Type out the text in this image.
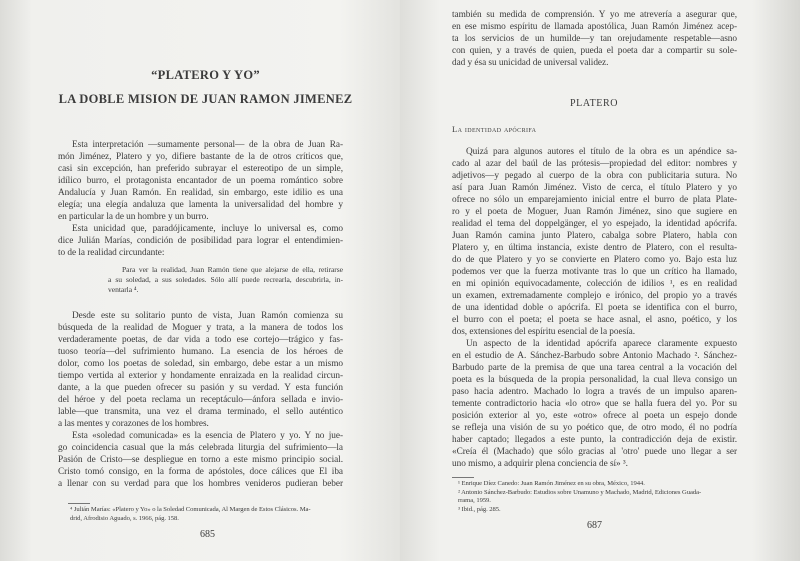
“PLATERO Y YO”
LA DOBLE MISION DE JUAN RAMON JIMENEZ
Esta interpretación —sumamente personal— de la obra de Juan Ra-
món Jiménez, Platero y yo, difiere bastante de la de otros críticos que,
casi sin excepción, han preferido subrayar el estereotipo de un simple,
idílico burro, el protagonista encantador de un poema romántico sobre
Andalucía y Juan Ramón. En realidad, sin embargo, este idilio es una
elegía; una elegía andaluza que lamenta la universalidad del hombre y
en particular la de un hombre y un burro.
Esta unicidad que, paradójicamente, incluye lo universal es, como
dice Julián Marías, condición de posibilidad para lograr el entendimien-
to de la realidad circundante:
Para ver la realidad, Juan Ramón tiene que alejarse de ella, retirarse
a su soledad, a sus soledades. Sólo allí puede recrearla, descubrirla, in-
ventarla ⁴.
Desde este su solitario punto de vista, Juan Ramón comienza su
búsqueda de la realidad de Moguer y trata, a la manera de todos los
verdaderamente poetas, de dar vida a todo ese cortejo—trágico y fas-
tuoso teoría—del sufrimiento humano. La esencia de los héroes de
dolor, como los poetas de soledad, sin embargo, debe estar a un mismo
tiempo vertida al exterior y hondamente enraizada en la realidad circun-
dante, a la que pueden ofrecer su pasión y su verdad. Y esta función
del héroe y del poeta reclama un receptáculo—ánfora sellada e invio-
lable—que transmita, una vez el drama terminado, el sello auténtico
a las mentes y corazones de los hombres.
Esta «soledad comunicada» es la esencia de Platero y yo. Y no jue-
go coincidencia casual que la más celebrada liturgia del sufrimiento—la
Pasión de Cristo—se despliegue en torno a este mismo principio social.
Cristo tomó consigo, en la forma de apóstoles, doce cálices que El iba
a llenar con su verdad para que los hombres venideros pudieran beber
⁴ Julián Marías: «Platero y Yo» o la Soledad Comunicada, Al Margen de Estos Clásicos. Ma-
drid, Afrodisio Aguado, s. 1966, pág. 158.
685
también su medida de comprensión. Y yo me atrevería a asegurar que,
en ese mismo espíritu de llamada apostólica, Juan Ramón Jiménez acep-
ta los servicios de un humilde—y tan orejudamente respetable—asno
con quien, y a través de quien, pueda el poeta dar a compartir su sole-
dad y ésa su unicidad de universal validez.
PLATERO
La identidad apócrifa
Quizá para algunos autores el título de la obra es un apéndice sa-
cado al azar del baúl de las prótesis—propiedad del editor: nombres y
adjetivos—y pegado al cuerpo de la obra con publicitaria sutura. No
así para Juan Ramón Jiménez. Visto de cerca, el título Platero y yo
ofrece no sólo un emparejamiento inicial entre el burro de plata Plate-
ro y el poeta de Moguer, Juan Ramón Jiménez, sino que sugiere en
realidad el tema del doppelgänger, el yo espejado, la identidad apócrifa.
Juan Ramón camina junto Platero, cabalga sobre Platero, habla con
Platero y, en última instancia, existe dentro de Platero, con el resulta-
do de que Platero y yo se convierte en Platero como yo. Bajo esta luz
podemos ver que la fuerza motivante tras lo que un crítico ha llamado,
en mi opinión equivocadamente, colección de idilios ¹, es en realidad
un examen, extremadamente complejo e irónico, del propio yo a través
de una identidad doble o apócrifa. El poeta se identifica con el burro,
el burro con el poeta; el poeta se hace asnal, el asno, poético, y los
dos, extensiones del espíritu esencial de la poesía.
Un aspecto de la identidad apócrifa aparece claramente expuesto
en el estudio de A. Sánchez-Barbudo sobre Antonio Machado ². Sánchez-
Barbudo parte de la premisa de que una tarea central a la vocación del
poeta es la búsqueda de la propia personalidad, la cual lleva consigo un
paso hacia adentro. Machado lo logra a través de un impulso aparen-
temente contradictorio hacia «lo otro» que se halla fuera del yo. Por su
posición exterior al yo, este «otro» ofrece al poeta un espejo donde
se refleja una visión de su yo poético que, de otro modo, él no podría
haber captado; llegados a este punto, la contradicción deja de existir.
«Creía él (Machado) que sólo gracias al 'otro' puede uno llegar a ser
uno mismo, a adquirir plena conciencia de sí» ³.
¹ Enrique Díez Canedo: Juan Ramón Jiménez en su obra, México, 1944.
² Antonio Sánchez-Barbudo: Estudios sobre Unamuno y Machado, Madrid, Ediciones Guada-
rrama, 1959.
³ Ibid., pág. 285.
687
